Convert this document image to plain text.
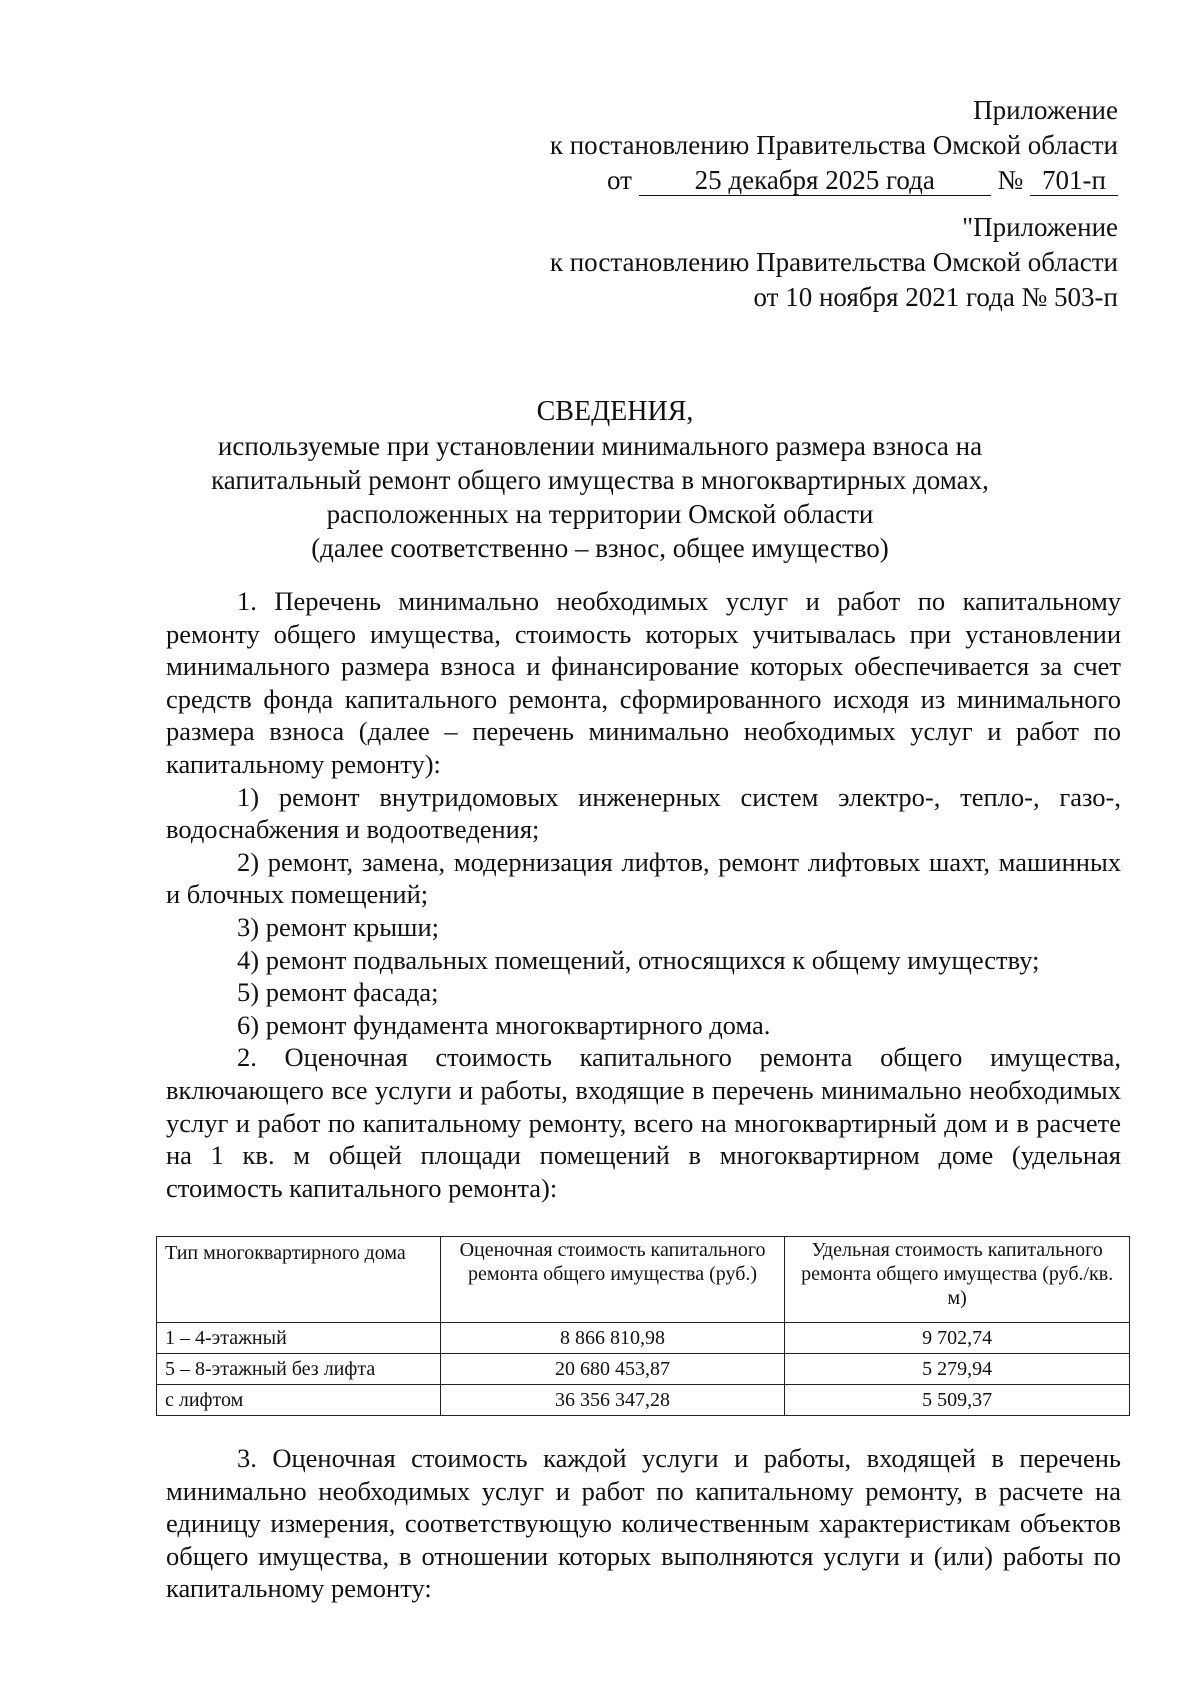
Приложение
к постановлению Правительства Омской области
от 25 декабря 2025 года № 701-п
"Приложение
к постановлению Правительства Омской области
от 10 ноября 2021 года № 503-п
СВЕДЕНИЯ,
используемые при установлении минимального размера взноса на
капитальный ремонт общего имущества в многоквартирных домах,
расположенных на территории Омской области
(далее соответственно – взнос, общее имущество)

1. Перечень минимально необходимых услуг и работ по капитальному ремонту общего имущества, стоимость которых учитывалась при установлении минимального размера взноса и финансирование которых обеспечивается за счет средств фонда капитального ремонта, сформированного исходя из минимального размера взноса (далее – перечень минимально необходимых услуг и работ по капитальному ремонту):

1) ремонт внутридомовых инженерных систем электро-, тепло-, газо-, водоснабжения и водоотведения;

2) ремонт, замена, модернизация лифтов, ремонт лифтовых шахт, машинных и блочных помещений;

3) ремонт крыши;

4) ремонт подвальных помещений, относящихся к общему имуществу;

5) ремонт фасада;

6) ремонт фундамента многоквартирного дома.

2. Оценочная стоимость капитального ремонта общего имущества, включающего все услуги и работы, входящие в перечень минимально необходимых услуг и работ по капитальному ремонту, всего на многоквартирный дом и в расчете на 1 кв. м общей площади помещений в многоквартирном доме (удельная стоимость капитального ремонта):

Тип многоквартирного дома	Оценочная стоимость капитального ремонта общего имущества (руб.)	Удельная стоимость капитального ремонта общего имущества (руб./кв. м)
1 – 4-этажный	8 866 810,98	9 702,74
5 – 8-этажный без лифта	20 680 453,87	5 279,94
с лифтом	36 356 347,28	5 509,37

3. Оценочная стоимость каждой услуги и работы, входящей в перечень минимально необходимых услуг и работ по капитальному ремонту, в расчете на единицу измерения, соответствующую количественным характеристикам объектов общего имущества, в отношении которых выполняются услуги и (или) работы по капитальному ремонту:
